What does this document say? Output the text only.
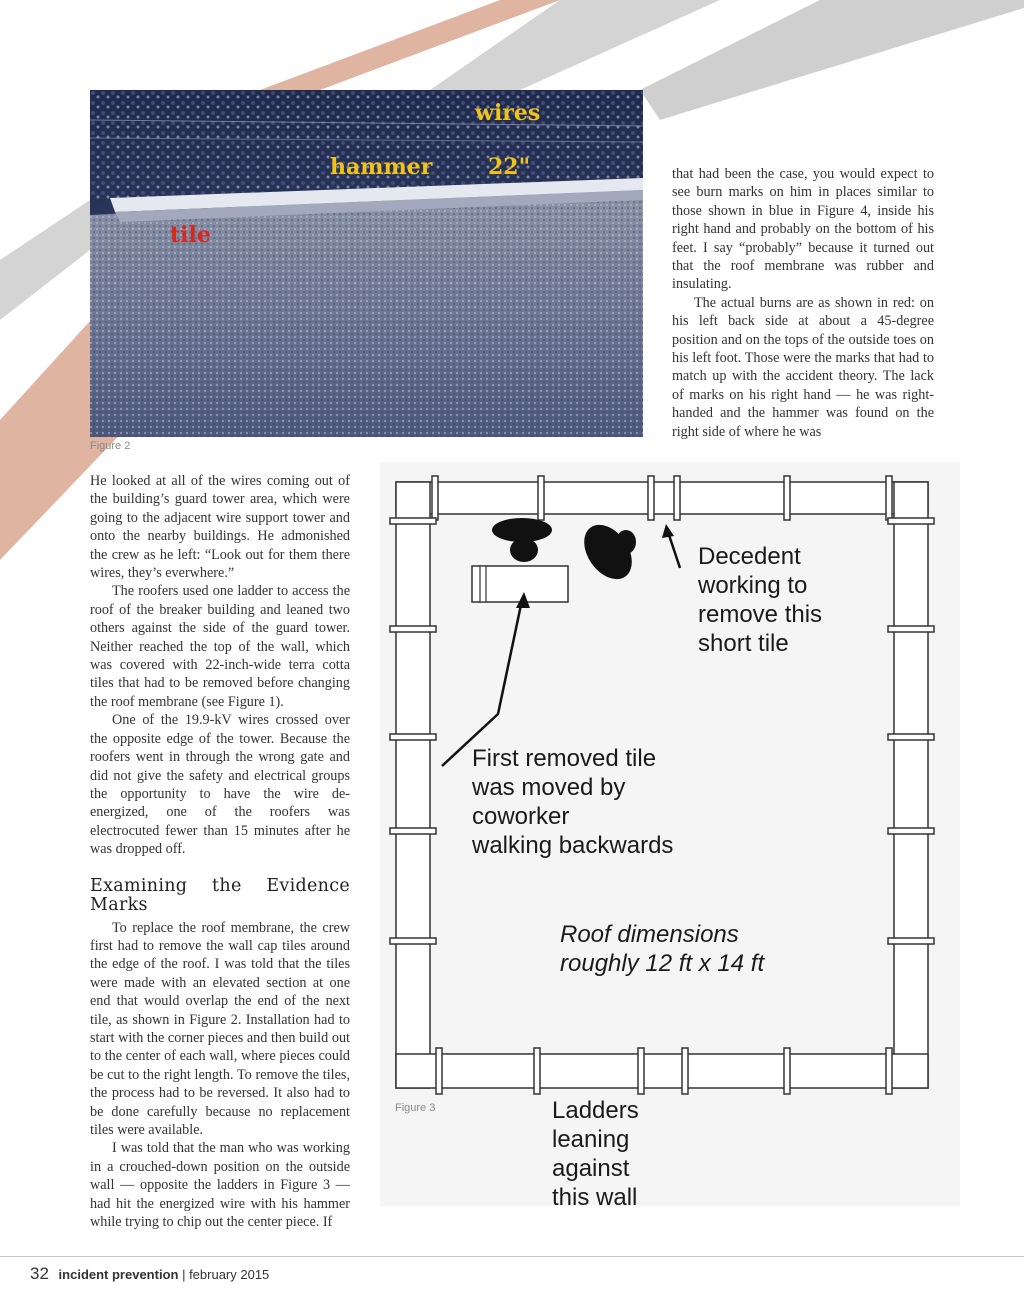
wires
hammer	22"
tile
Figure 2

that had been the case, you would expect to see burn marks on him in places similar to those shown in blue in Figure 4, inside his right hand and probably on the bottom of his feet. I say “probably” because it turned out that the roof membrane was rubber and insulating.

The actual burns are as shown in red: on his left back side at about a 45-degree position and on the tops of the outside toes on his left foot. Those were the marks that had to match up with the accident theory. The lack of marks on his right hand — he was right-handed and the hammer was found on the right side of where he was

He looked at all of the wires coming out of the building’s guard tower area, which were going to the adjacent wire support tower and onto the nearby buildings. He admonished the crew as he left: “Look out for them there wires, they’s everwhere.”

The roofers used one ladder to access the roof of the breaker building and leaned two others against the side of the guard tower. Neither reached the top of the wall, which was covered with 22-inch-wide terra cotta tiles that had to be removed before changing the roof membrane (see Figure 1).

One of the 19.9-kV wires crossed over the opposite edge of the tower. Because the roofers went in through the wrong gate and did not give the safety and electrical groups the opportunity to have the wire de-energized, one of the roofers was electrocuted fewer than 15 minutes after he was dropped off.

Examining the Evidence Marks

To replace the roof membrane, the crew first had to remove the wall cap tiles around the edge of the roof. I was told that the tiles were made with an elevated section at one end that would overlap the end of the next tile, as shown in Figure 2. Installation had to start with the corner pieces and then build out to the center of each wall, where pieces could be cut to the right length. To remove the tiles, the process had to be reversed. It also had to be done carefully because no replacement tiles were available.

I was told that the man who was working in a crouched-down position on the outside wall — opposite the ladders in Figure 3 — had hit the energized wire with his hammer while trying to chip out the center piece. If

Decedent
working to
remove this
short tile
First removed tile
was moved by
coworker
walking backwards
Roof dimensions
roughly 12 ft x 14 ft
Ladders
leaning
against
this wall
Figure 3
32 incident prevention | february 2015
